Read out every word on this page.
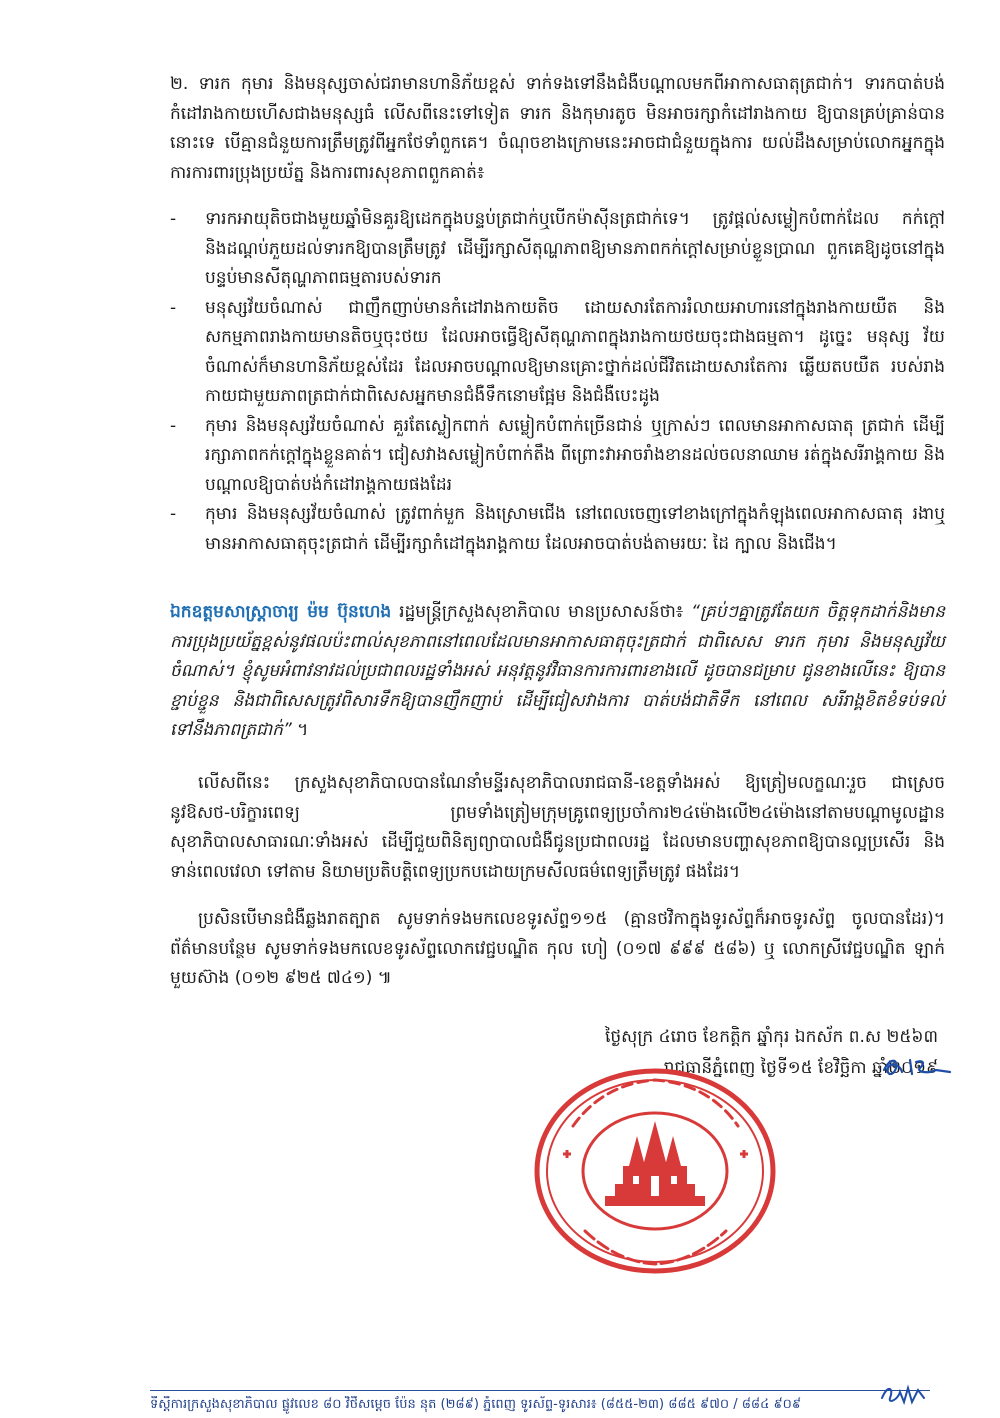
២. ទារក កុមារ និងមនុស្សចាស់ជរាមានហានិភ័យខ្ពស់ ទាក់ទងទៅនឹងជំងឺបណ្តាលមកពីអាកាសធាតុត្រជាក់។ ទារកបាត់បង់ កំដៅរាងកាយហើសជាងមនុស្សធំ លើសពីនេះទៅទៀត ទារក និងកុមារតូច មិនអាចរក្សាកំដៅរាងកាយ ឱ្យបានគ្រប់គ្រាន់បាននោះទេ បើគ្មានជំនួយការត្រឹមត្រូវពីអ្នកថែទាំពួកគេ។ ចំណុចខាងក្រោមនេះអាចជាជំនួយក្នុងការ យល់ដឹងសម្រាប់លោកអ្នកក្នុង ការការពារប្រុងប្រយ័ត្ន និងការពារសុខភាពពួកគាត់៖

- ទារកអាយុតិចជាងមួយឆ្នាំមិនគួរឱ្យដេកក្នុងបន្ទប់ត្រជាក់ឬបើកម៉ាស៊ីនត្រជាក់ទេ។ ត្រូវផ្តល់សម្លៀកបំពាក់ដែល កក់ក្តៅ និងដណ្តប់ភួយដល់ទារកឱ្យបានត្រឹមត្រូវ ដើម្បីរក្សាសីតុណ្ហភាពឱ្យមានភាពកក់ក្តៅសម្រាប់ខ្លួនប្រាណ ពួកគេឱ្យដូចនៅក្នុងបន្ទប់មានសីតុណ្ហភាពធម្មតារបស់ទារក
- មនុស្សវ័យចំណាស់ ជាញឹកញាប់មានកំដៅរាងកាយតិច ដោយសារតែការរំលាយអាហារនៅក្នុងរាងកាយយឺត និង សកម្មភាពរាងកាយមានតិចឬចុះថយ ដែលអាចធ្វើឱ្យសីតុណ្ហភាពក្នុងរាងកាយថយចុះជាងធម្មតា។ ដូច្នេះ មនុស្ស វ័យចំណាស់ក៏មានហានិភ័យខ្ពស់ដែរ ដែលអាចបណ្តាលឱ្យមានគ្រោះថ្នាក់ដល់ជីវិតដោយសារតែការ ឆ្លើយតបយឺត របស់រាងកាយជាមួយភាពត្រជាក់ជាពិសេសអ្នកមានជំងឺទឹកនោមផ្អែម និងជំងឺបេះដូង
- កុមារ និងមនុស្សវ័យចំណាស់ គួរតែស្លៀកពាក់ សម្លៀកបំពាក់ច្រើនជាន់ ឬក្រាស់ៗ ពេលមានអាកាសធាតុ ត្រជាក់ ដើម្បីរក្សាភាពកក់ក្តៅក្នុងខ្លួនគាត់។ ជៀសវាងសម្លៀកបំពាក់តឹង ពីព្រោះវាអាចរាំងខានដល់ចលនាឈាម រត់ក្នុងសរីរាង្គកាយ និងបណ្តាលឱ្យបាត់បង់កំដៅរាង្គកាយផងដែរ
- កុមារ និងមនុស្សវ័យចំណាស់ ត្រូវពាក់មួក និងស្រោមជើង នៅពេលចេញទៅខាងក្រៅក្នុងកំឡុងពេលអាកាសធាតុ រងាឬមានអាកាសធាតុចុះត្រជាក់ ដើម្បីរក្សាកំដៅក្នុងរាង្គកាយ ដែលអាចបាត់បង់តាមរយៈ ដៃ ក្បាល និងជើង។

ឯកឧត្តមសាស្ត្រាចារ្យ ម៉ម ប៊ុនហេង រដ្ឋមន្ត្រីក្រសួងសុខាភិបាល មានប្រសាសន៍ថា៖ “គ្រប់ៗគ្នាត្រូវតែយក ចិត្តទុកដាក់និងមានការប្រុងប្រយ័ត្នខ្ពស់នូវផលប៉ះពាល់សុខភាពនៅពេលដែលមានអាកាសធាតុចុះត្រជាក់ ជាពិសេស ទារក កុមារ និងមនុស្សវ័យចំណាស់។ ខ្ញុំសូមអំពាវនាវដល់ប្រជាពលរដ្ឋទាំងអស់ អនុវត្តនូវវិធានការការពារខាងលើ ដូចបានជម្រាប ជូនខាងលើនេះ ឱ្យបានខ្ជាប់ខ្ជួន និងជាពិសេសត្រូវពិសារទឹកឱ្យបានញឹកញាប់ ដើម្បីជៀសវាងការ បាត់បង់ជាតិទឹក នៅពេល សរីរាង្គខិតខំទប់ទល់ទៅនឹងភាពត្រជាក់” ។

លើសពីនេះ ក្រសួងសុខាភិបាលបានណែនាំមន្ទីរសុខាភិបាលរាជធានី-ខេត្តទាំងអស់ ឱ្យត្រៀមលក្ខណៈរួច ជាស្រេច នូវឱសថ-បរិក្ខារពេទ្យ ព្រមទាំងត្រៀមក្រុមគ្រូពេទ្យប្រចាំការ២៤ម៉ោងលើ២៤ម៉ោងនៅតាមបណ្តាមូលដ្ឋាន សុខាភិបាលសាធារណៈទាំងអស់ ដើម្បីជួយពិនិត្យព្យាបាលជំងឺជូនប្រជាពលរដ្ឋ ដែលមានបញ្ហាសុខភាពឱ្យបានល្អប្រសើរ និងទាន់ពេលវេលា ទៅតាម និយាមប្រតិបត្តិពេទ្យប្រកបដោយក្រមសីលធម៌ពេទ្យត្រឹមត្រូវ ផងដែរ។

ប្រសិនបើមានជំងឺឆ្លងរាតត្បាត សូមទាក់ទងមកលេខទូរស័ព្ទ១១៥ (គ្មានថវិកាក្នុងទូរស័ព្ទក៏អាចទូរស័ព្ទ ចូលបានដែរ)។ ព័ត៌មានបន្ថែម សូមទាក់ទងមកលេខទូរស័ព្ទលោកវេជ្ជបណ្ឌិត កុល ហៀ (០១៧ ៩៩៩ ៥៨៦) ឬ លោកស្រីវេជ្ជបណ្ឌិត ឡាក់ មួយស៊ាង (០១២ ៩២៥ ៧៤១) ៕

ថ្ងៃសុក្រ ៤រោច ខែកត្តិក ឆ្នាំកុរ ឯកស័ក ព.ស ២៥៦៣
រាជធានីភ្នំពេញ ថ្ងៃទី១៥ ខែវិច្ឆិកា ឆ្នាំ២០១៩
ទីស្តីការក្រសួងសុខាភិបាល ផ្លូវលេខ ៨០ វិថីសម្តេច ប៉ែន នុត (២៨៩) ភ្នំពេញ ទូរស័ព្ទ-ទូរសារ៖ (៨៥៥-២៣) ៨៨៥ ៩៧០ / ៨៨៤ ៩០៩
